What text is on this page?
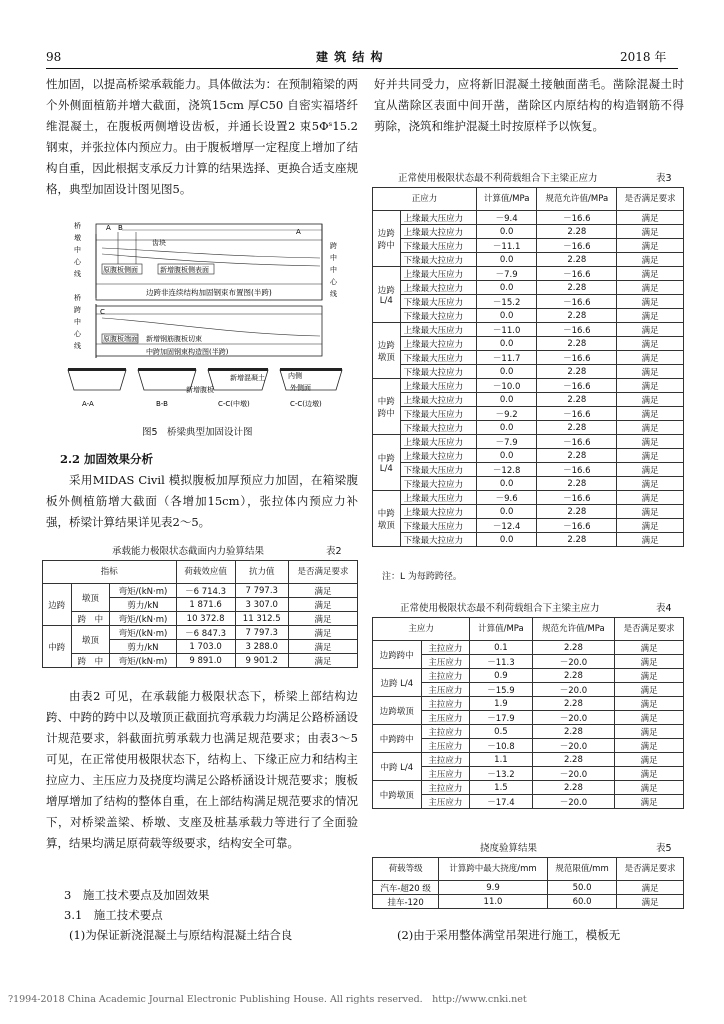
98	建 筑 结 构	2018 年

性加固，以提高桥梁承载能力。具体做法为：在预制箱梁的两个外侧面植筋并增大截面，浇筑15cm 厚C50 自密实福塔纤维混凝土，在腹板两侧增设齿板，并通长设置2 束5Φˢ15.2 钢束，并张拉体内预应力。由于腹板增厚一定程度上增加了结构自重，因此根据支承反力计算的结果选择、更换合适支座规格，典型加固设计图见图5。

齿块
原腹板侧面	新增腹板侧表面
边跨非连续结构加固钢束布置图(半跨)
B	A
A
桥
墩
中
心
线
跨
中
中
心
线
原腹板端面 新增钢筋腹板切束
中跨加固钢束构造图(半跨)
C
桥
跨
中
心
线
新增混凝土
新增腹板
内侧
外侧面
A-A	B-B	C-C(中墩)	C-C(边墩)
图5　桥梁典型加固设计图
2.2 加固效果分析

采用MIDAS Civil 模拟腹板加厚预应力加固，在箱梁腹板外侧植筋增大截面（各增加15cm），张拉体内预应力补强，桥梁计算结果详见表2～5。

承载能力极限状态截面内力验算结果	表2
指标			荷载效应值	抗力值	是否满足要求
边跨	墩顶	弯矩/(kN·m)	－6 714.3	7 797.3	满足
		剪力/kN	1 871.6	3 307.0	满足
	跨　中	弯矩/(kN·m)	10 372.8	11 312.5	满足
中跨	墩顶	弯矩/(kN·m)	－6 847.3	7 797.3	满足
		剪力/kN	1 703.0	3 288.0	满足
	跨　中	弯矩/(kN·m)	9 891.0	9 901.2	满足

由表2 可见，在承载能力极限状态下，桥梁上部结构边跨、中跨的跨中以及墩顶正截面抗弯承载力均满足公路桥涵设计规范要求，斜截面抗剪承载力也满足规范要求；由表3～5 可见，在正常使用极限状态下，结构上、下缘正应力和结构主拉应力、主压应力及挠度均满足公路桥涵设计规范要求；腹板增厚增加了结构的整体自重，在上部结构满足规范要求的情况下，对桥梁盖梁、桥墩、支座及桩基承载力等进行了全面验算，结果均满足原荷载等级要求，结构安全可靠。

3　施工技术要点及加固效果
3.1　施工技术要点

(1)为保证新浇混凝土与原结构混凝土结合良

好并共同受力，应将新旧混凝土接触面凿毛。凿除混凝土时宜从凿除区表面中间开凿，凿除区内原结构的构造钢筋不得剪除，浇筑和维护混凝土时按原样予以恢复。

正常使用极限状态最不利荷载组合下主梁正应力	表3
正应力		计算值/MPa	规范允许值/MPa	是否满足要求

边跨
跨中	上缘最大压应力	－9.4	－16.6	满足
	上缘最大拉应力	0.0	2.28	满足
	下缘最大压应力	－11.1	－16.6	满足
	下缘最大拉应力	0.0	2.28	满足

边跨
L/4	上缘最大压应力	－7.9	－16.6	满足
	上缘最大拉应力	0.0	2.28	满足
	下缘最大压应力	－15.2	－16.6	满足
	下缘最大拉应力	0.0	2.28	满足

边跨
墩顶	上缘最大压应力	－11.0	－16.6	满足
	上缘最大拉应力	0.0	2.28	满足
	下缘最大压应力	－11.7	－16.6	满足
	下缘最大拉应力	0.0	2.28	满足

中跨
跨中	上缘最大压应力	－10.0	－16.6	满足
	上缘最大拉应力	0.0	2.28	满足
	下缘最大压应力	－9.2	－16.6	满足
	下缘最大拉应力	0.0	2.28	满足

中跨
L/4	上缘最大压应力	－7.9	－16.6	满足
	上缘最大拉应力	0.0	2.28	满足
	下缘最大压应力	－12.8	－16.6	满足
	下缘最大拉应力	0.0	2.28	满足

中跨
墩顶	上缘最大压应力	－9.6	－16.6	满足
	上缘最大拉应力	0.0	2.28	满足
	下缘最大压应力	－12.4	－16.6	满足
	下缘最大拉应力	0.0	2.28	满足
注：L 为每跨跨径。
正常使用极限状态最不利荷载组合下主梁主应力	表4
主应力		计算值/MPa	规范允许值/MPa	是否满足要求
边跨跨中	主拉应力	0.1	2.28	满足
	主压应力	－11.3	－20.0	满足
边跨 L/4	主拉应力	0.9	2.28	满足
	主压应力	－15.9	－20.0	满足
边跨墩顶	主拉应力	1.9	2.28	满足
	主压应力	－17.9	－20.0	满足
中跨跨中	主拉应力	0.5	2.28	满足
	主压应力	－10.8	－20.0	满足
中跨 L/4	主拉应力	1.1	2.28	满足
	主压应力	－13.2	－20.0	满足
中跨墩顶	主拉应力	1.5	2.28	满足
	主压应力	－17.4	－20.0	满足
挠度验算结果	表5
荷载等级	计算跨中最大挠度/mm	规范限值/mm	是否满足要求
汽车-超20 级	9.9	50.0	满足
挂车-120	11.0	60.0	满足

(2)由于采用整体满堂吊架进行施工，模板无

?1994-2018 China Academic Journal Electronic Publishing House. All rights reserved.　http://www.cnki.net
